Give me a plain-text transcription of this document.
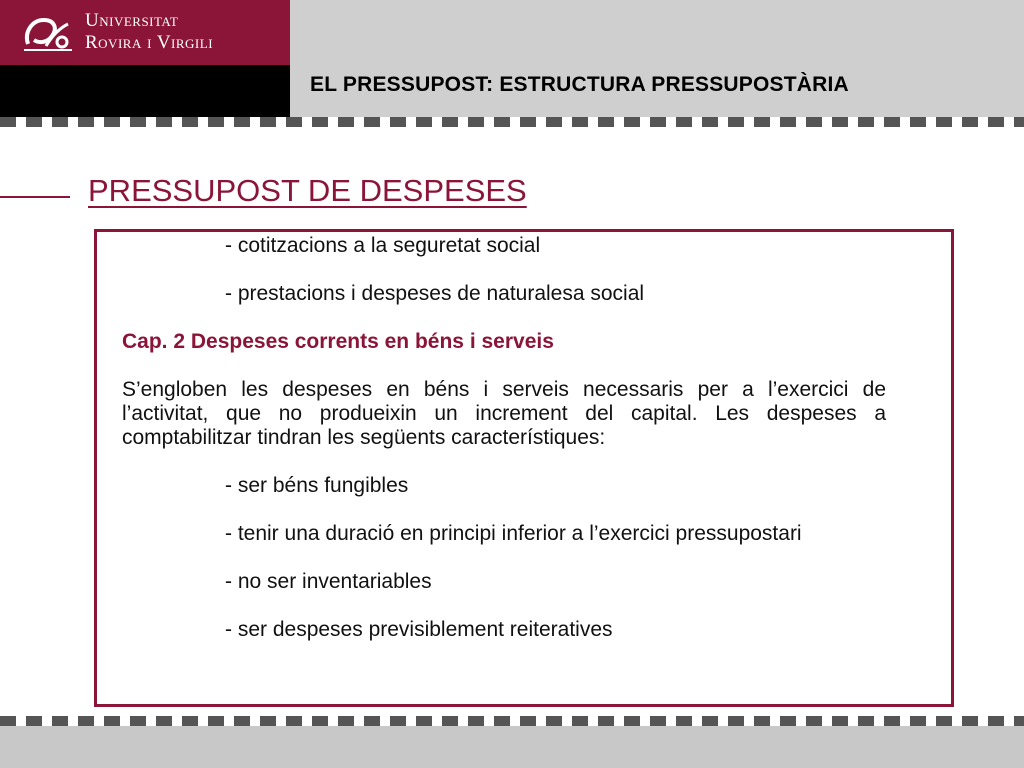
Universitat
Rovira i Virgili
EL PRESSUPOST: ESTRUCTURA PRESSUPOSTÀRIA
PRESSUPOST DE DESPESES

- cotitzacions a la seguretat social

- prestacions i despeses de naturalesa social

Cap. 2 Despeses corrents en béns i serveis

S’engloben les despeses en béns i serveis necessaris per a l’exercici de l’activitat, que no produeixin un increment del capital. Les despeses a comptabilitzar tindran les següents característiques:

- ser béns fungibles

- tenir una duració en principi inferior a l’exercici pressupostari

- no ser inventariables

- ser despeses previsiblement reiteratives
